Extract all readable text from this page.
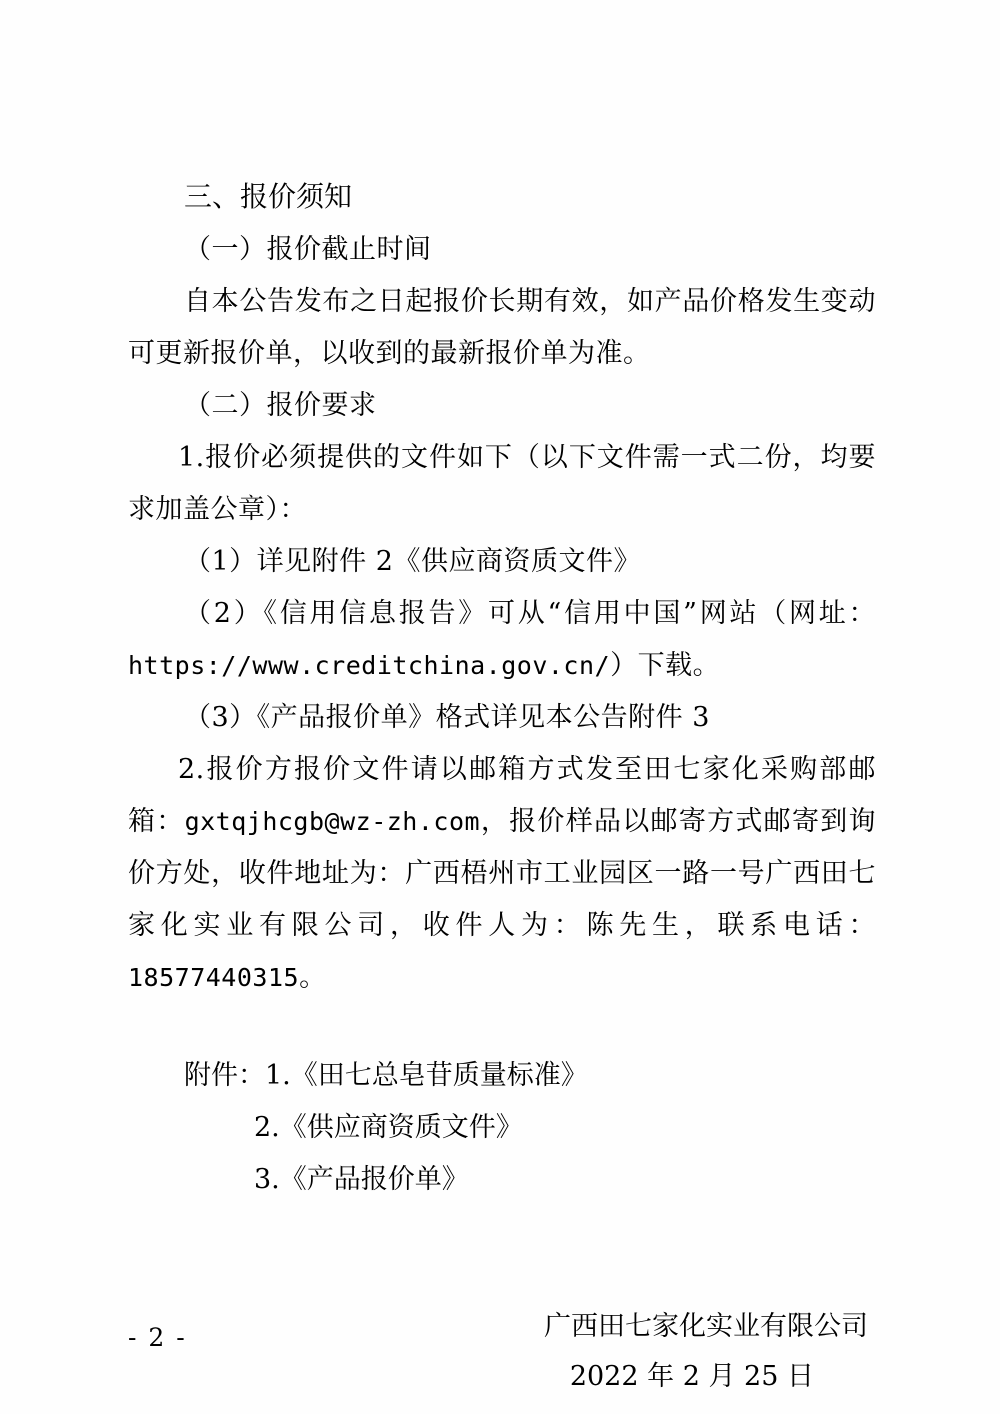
三、报价须知

（一）报价截止时间

自本公告发布之日起报价长期有效，如产品价格发生变动可更新报价单，以收到的最新报价单为准。

（二）报价要求

1.报价必须提供的文件如下（以下文件需一式二份，均要求加盖公章）：

（1）详见附件 2《供应商资质文件》

（2）《信用信息报告》可从“信用中国”网站（网址：https://www.creditchina.gov.cn/）下载。

（3）《产品报价单》格式详见本公告附件 3

2.报价方报价文件请以邮箱方式发至田七家化采购部邮箱：gxtqjhcgb@wz-zh.com，报价样品以邮寄方式邮寄到询价方处，收件地址为：广西梧州市工业园区一路一号广西田七家化实业有限公司，收件人为：陈先生，联系电话：18577440315。

附件：1.《田七总皂苷质量标准》

2.《供应商资质文件》

3.《产品报价单》

广西田七家化实业有限公司

2022 年 2 月 25 日

- 2 -
